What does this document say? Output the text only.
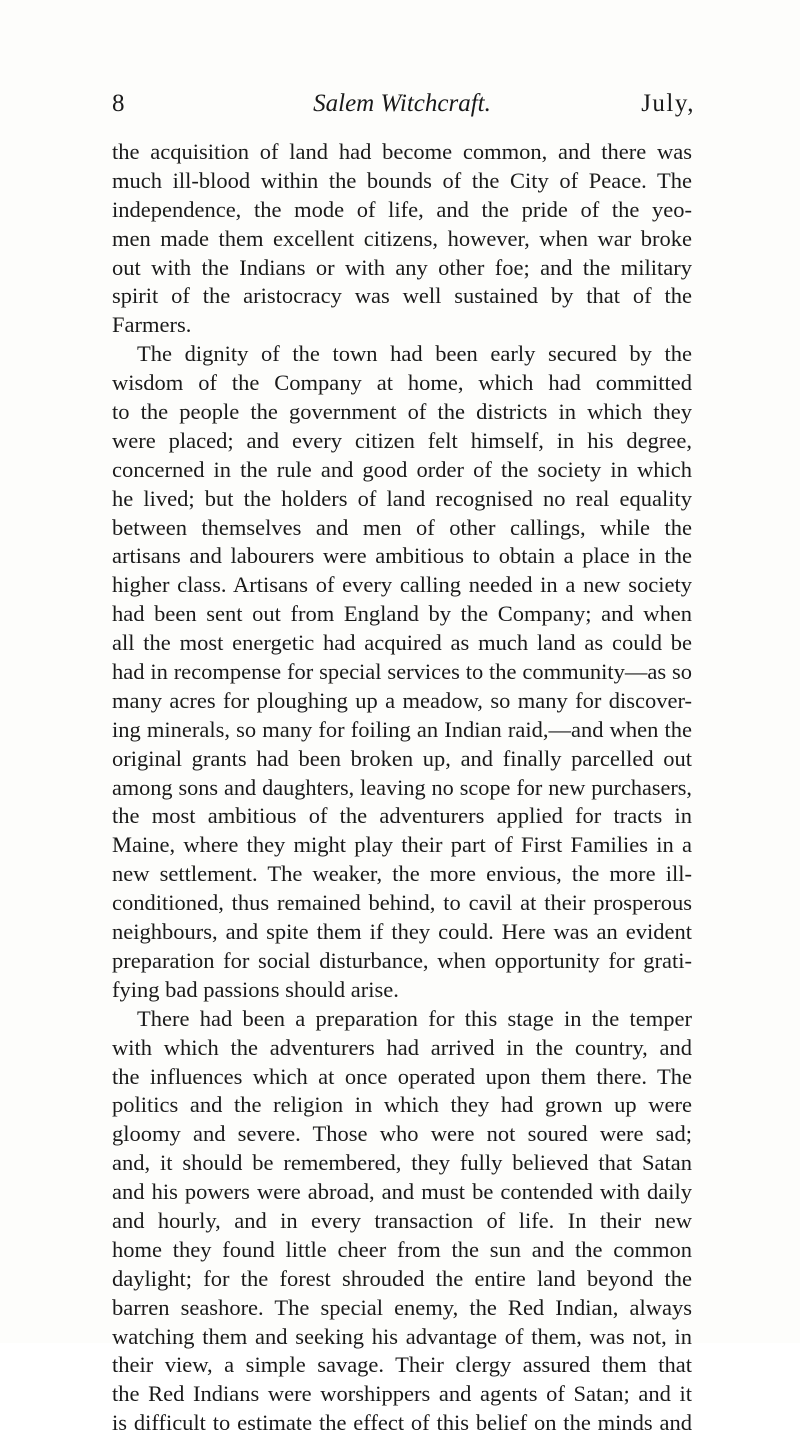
8	Salem Witchcraft.	July,
the acquisition of land had become common, and there was
much ill-blood within the bounds of the City of Peace. The
independence, the mode of life, and the pride of the yeo-
men made them excellent citizens, however, when war broke
out with the Indians or with any other foe; and the military
spirit of the aristocracy was well sustained by that of the
Farmers.
The dignity of the town had been early secured by the
wisdom of the Company at home, which had committed
to the people the government of the districts in which they
were placed; and every citizen felt himself, in his degree,
concerned in the rule and good order of the society in which
he lived; but the holders of land recognised no real equality
between themselves and men of other callings, while the
artisans and labourers were ambitious to obtain a place in the
higher class. Artisans of every calling needed in a new society
had been sent out from England by the Company; and when
all the most energetic had acquired as much land as could be
had in recompense for special services to the community—as so
many acres for ploughing up a meadow, so many for discover-
ing minerals, so many for foiling an Indian raid,—and when the
original grants had been broken up, and finally parcelled out
among sons and daughters, leaving no scope for new purchasers,
the most ambitious of the adventurers applied for tracts in
Maine, where they might play their part of First Families in a
new settlement. The weaker, the more envious, the more ill-
conditioned, thus remained behind, to cavil at their prosperous
neighbours, and spite them if they could. Here was an evident
preparation for social disturbance, when opportunity for grati-
fying bad passions should arise.
There had been a preparation for this stage in the temper
with which the adventurers had arrived in the country, and
the influences which at once operated upon them there. The
politics and the religion in which they had grown up were
gloomy and severe. Those who were not soured were sad;
and, it should be remembered, they fully believed that Satan
and his powers were abroad, and must be contended with daily
and hourly, and in every transaction of life. In their new
home they found little cheer from the sun and the common
daylight; for the forest shrouded the entire land beyond the
barren seashore. The special enemy, the Red Indian, always
watching them and seeking his advantage of them, was not, in
their view, a simple savage. Their clergy assured them that
the Red Indians were worshippers and agents of Satan; and it
is difficult to estimate the effect of this belief on the minds and
